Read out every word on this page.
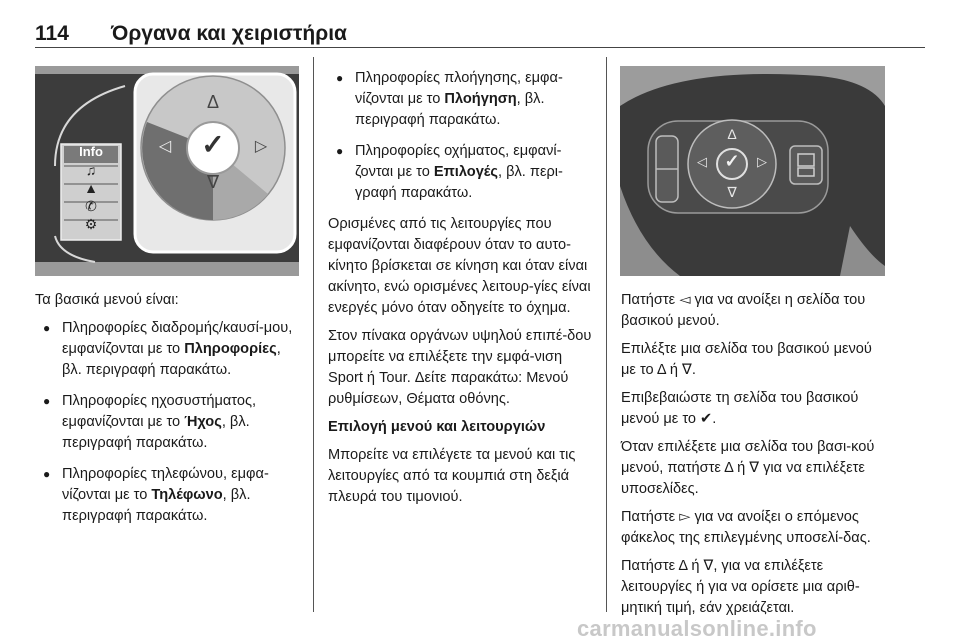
114 Όργανα και χειριστήρια
Info
♫
▲
✆
⚙
Δ
∇
◁	▷
✓	Δ
∇
◁	▷
✓

Τα βασικά μενού είναι:

● Πληροφορίες διαδρομής/καυσί-μου, εμφανίζονται με το Πληροφορίες, βλ. περιγραφή παρακάτω.
● Πληροφορίες ηχοσυστήματος, εμφανίζονται με το Ήχος, βλ. περιγραφή παρακάτω.
● Πληροφορίες τηλεφώνου, εμφα-νίζονται με το Τηλέφωνο, βλ. περιγραφή παρακάτω.
● Πληροφορίες πλοήγησης, εμφα-νίζονται με το Πλοήγηση, βλ. περιγραφή παρακάτω.
● Πληροφορίες οχήματος, εμφανί-ζονται με το Επιλογές, βλ. περι-γραφή παρακάτω.

Ορισμένες από τις λειτουργίες που εμφανίζονται διαφέρουν όταν το αυτο-κίνητο βρίσκεται σε κίνηση και όταν είναι ακίνητο, ενώ ορισμένες λειτουρ-γίες είναι ενεργές μόνο όταν οδηγείτε το όχημα.

Στον πίνακα οργάνων υψηλού επιπέ-δου μπορείτε να επιλέξετε την εμφά-νιση Sport ή Tour. Δείτε παρακάτω: Μενού ρυθμίσεων, Θέματα οθόνης.

Επιλογή μενού και λειτουργιών

Μπορείτε να επιλέγετε τα μενού και τις λειτουργίες από τα κουμπιά στη δεξιά πλευρά του τιμονιού.

Πατήστε ◅ για να ανοίξει η σελίδα του βασικού μενού.

Επιλέξτε μια σελίδα του βασικού μενού με το Δ ή ∇.

Επιβεβαιώστε τη σελίδα του βασικού μενού με το ✔.

Όταν επιλέξετε μια σελίδα του βασι-κού μενού, πατήστε Δ ή ∇ για να επιλέξετε υποσελίδες.

Πατήστε ▻ για να ανοίξει ο επόμενος φάκελος της επιλεγμένης υποσελί-δας.

Πατήστε Δ ή ∇, για να επιλέξετε λειτουργίες ή για να ορίσετε μια αριθ-μητική τιμή, εάν χρειάζεται.

carmanualsonline.info
